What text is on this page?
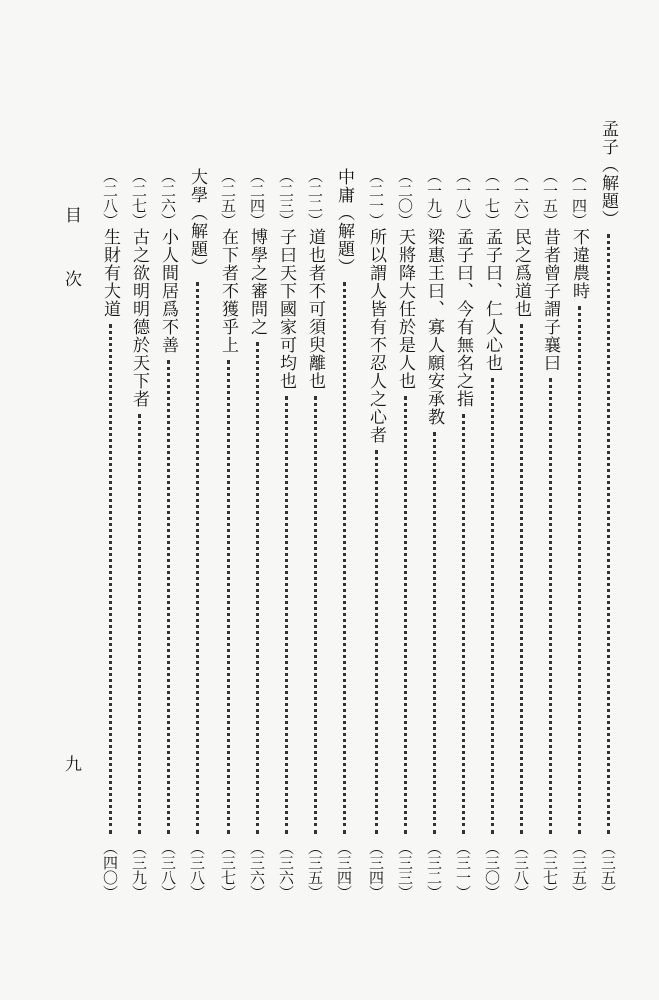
孟子（解題）
（三五）
（一四）
不違農時
（三五）
（一五）
昔者曾子謂子襄曰
（三七）
（一六）
民之爲道也
（三八）
（一七）
孟子曰、仁人心也
（三〇）
（一八）
孟子曰、今有無名之指
（三一）
（一九）
梁惠王曰、寡人願安承教
（三二）
（二〇）
天將降大任於是人也
（三三）
（二一）
所以謂人皆有不忍人之心者
（三四）
中庸（解題）
（三四）
（二二）
道也者不可須臾離也
（三五）
（二三）
子曰天下國家可均也
（三六）
（二四）
博學之審問之
（三六）
（二五）
在下者不獲乎上
（三七）
大學（解題）
（三八）
（二六）
小人間居爲不善
（三八）
（二七）
古之欲明明德於天下者
（三九）
（二八）
生財有大道
（四〇）
目
次
九
